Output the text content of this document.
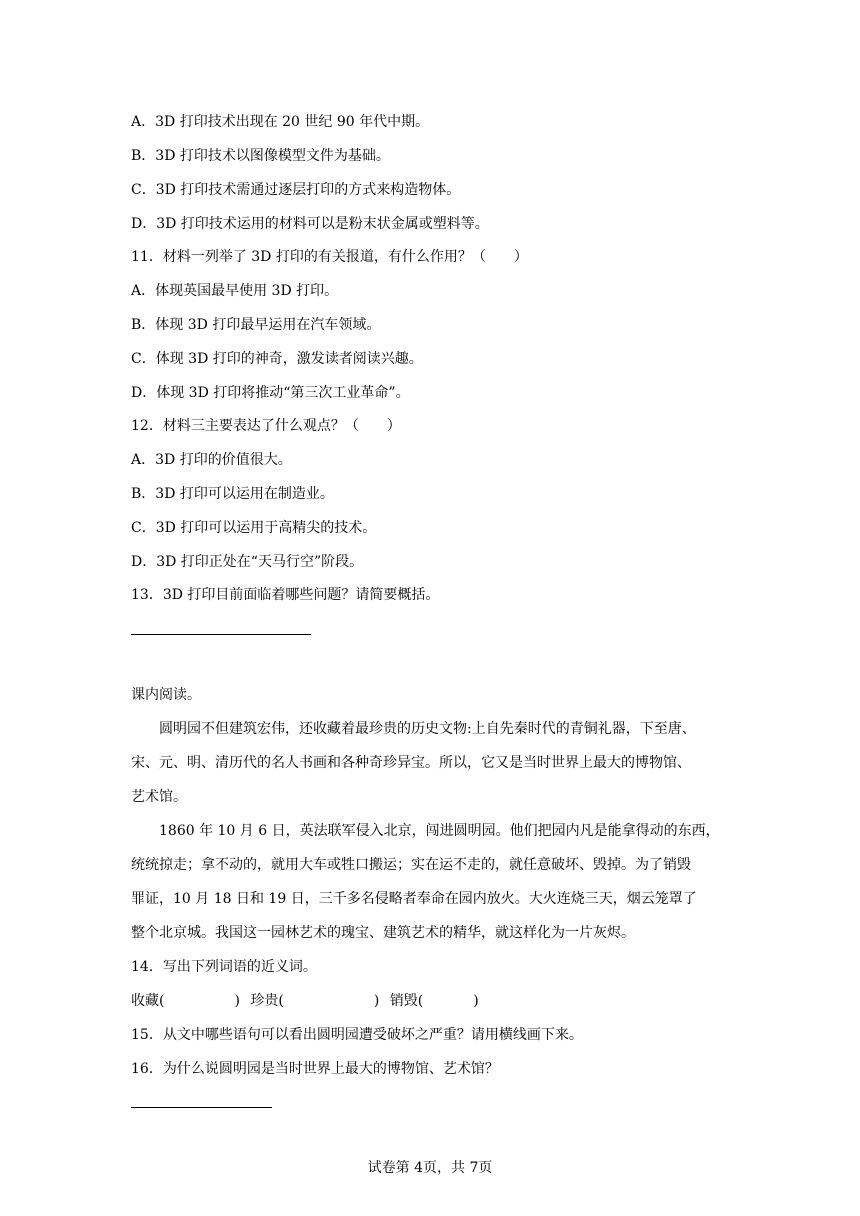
A．3D 打印技术出现在 20 世纪 90 年代中期。
B．3D 打印技术以图像模型文件为基础。
C．3D 打印技术需通过逐层打印的方式来构造物体。
D．3D 打印技术运用的材料可以是粉末状金属或塑料等。
11．材料一列举了 3D 打印的有关报道，有什么作用？（　　）
A．体现英国最早使用 3D 打印。
B．体现 3D 打印最早运用在汽车领域。
C．体现 3D 打印的神奇，激发读者阅读兴趣。
D．体现 3D 打印将推动“第三次工业革命”。
12．材料三主要表达了什么观点？（　　）
A．3D 打印的价值很大。
B．3D 打印可以运用在制造业。
C．3D 打印可以运用于高精尖的技术。
D．3D 打印正处在“天马行空”阶段。
13．3D 打印目前面临着哪些问题？请简要概括。
课内阅读。
圆明园不但建筑宏伟，还收藏着最珍贵的历史文物:上自先秦时代的青铜礼器，下至唐、
宋、元、明、清历代的名人书画和各种奇珍异宝。所以，它又是当时世界上最大的博物馆、
艺术馆。
1860 年 10 月 6 日，英法联军侵入北京，闯进圆明园。他们把园内凡是能拿得动的东西，
统统掠走；拿不动的，就用大车或牲口搬运；实在运不走的，就任意破坏、毁掉。为了销毁
罪证，10 月 18 日和 19 日，三千多名侵略者奉命在园内放火。大火连烧三天，烟云笼罩了
整个北京城。我国这一园林艺术的瑰宝、建筑艺术的精华，就这样化为一片灰烬。
14．写出下列词语的近义词。
收藏(	) 珍贵(	) 销毁(	)
15．从文中哪些语句可以看出圆明园遭受破坏之严重？请用横线画下来。
16．为什么说圆明园是当时世界上最大的博物馆、艺术馆？
试卷第 4页，共 7页
